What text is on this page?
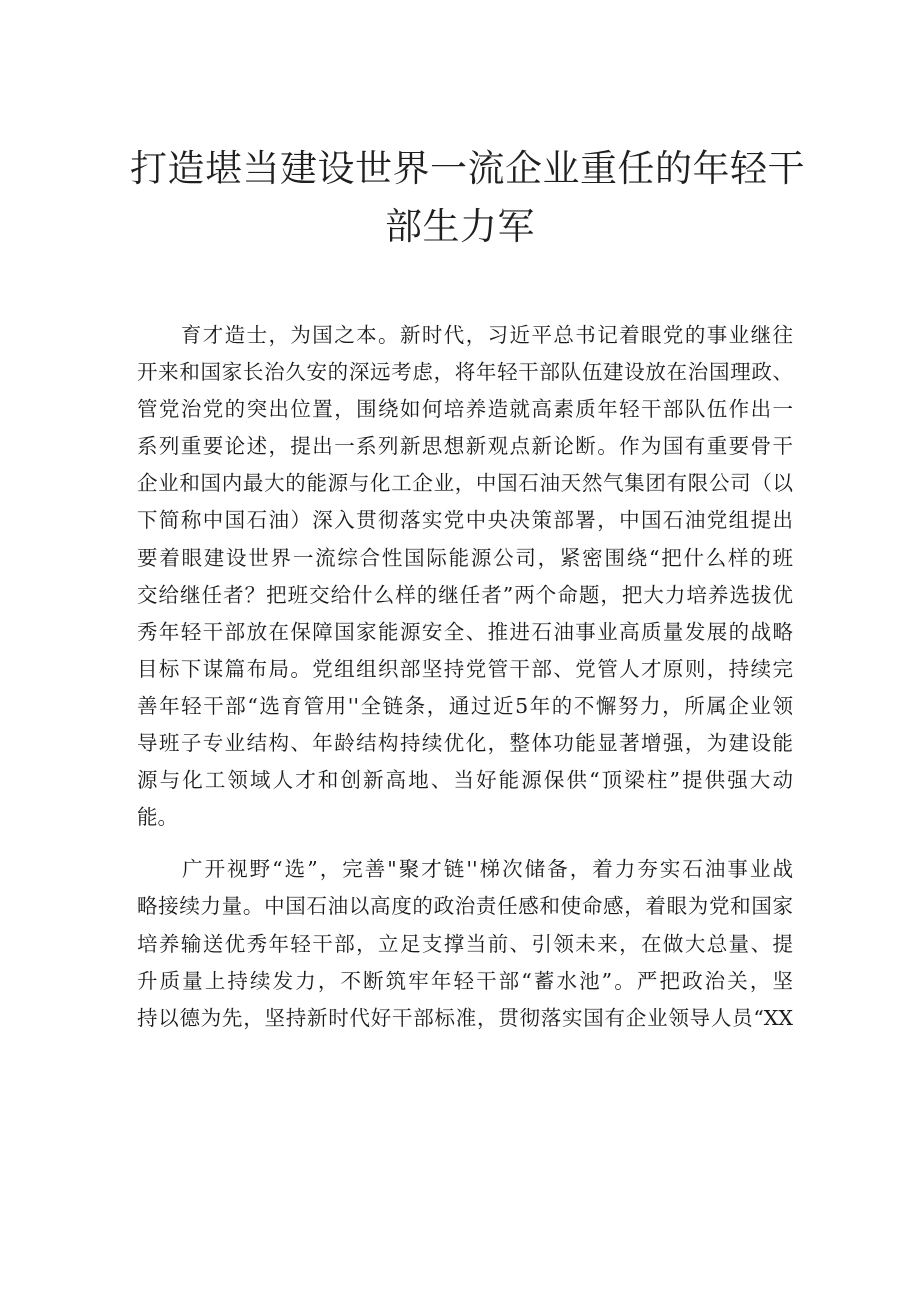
打造堪当建设世界一流企业重任的年轻干
部生力军
　　育才造士，为国之本。新时代，习近平总书记着眼党的事业继往
开来和国家长治久安的深远考虑，将年轻干部队伍建设放在治国理政、
管党治党的突出位置，围绕如何培养造就高素质年轻干部队伍作出一
系列重要论述，提出一系列新思想新观点新论断。作为国有重要骨干
企业和国内最大的能源与化工企业，中国石油天然气集团有限公司（以
下简称中国石油）深入贯彻落实党中央决策部署，中国石油党组提出
要着眼建设世界一流综合性国际能源公司，紧密围绕“把什么样的班
交给继任者？把班交给什么样的继任者”两个命题，把大力培养选拔优
秀年轻干部放在保障国家能源安全、推进石油事业高质量发展的战略
目标下谋篇布局。党组组织部坚持党管干部、党管人才原则，持续完
善年轻干部“选育管用''全链条，通过近5年的不懈努力，所属企业领
导班子专业结构、年龄结构持续优化，整体功能显著增强，为建设能
源与化工领域人才和创新高地、当好能源保供“顶梁柱”提供强大动
能。
　　广开视野“选”，完善"聚才链''梯次储备，着力夯实石油事业战
略接续力量。中国石油以高度的政治责任感和使命感，着眼为党和国家
培养输送优秀年轻干部，立足支撑当前、引领未来，在做大总量、提
升质量上持续发力，不断筑牢年轻干部“蓄水池”。严把政治关，坚
持以德为先，坚持新时代好干部标准，贯彻落实国有企业领导人员“XX
